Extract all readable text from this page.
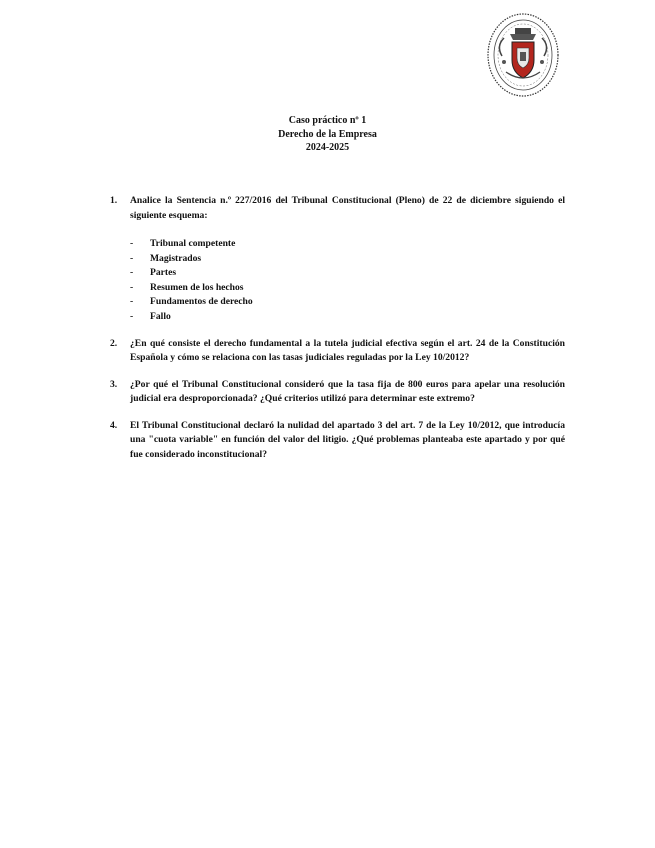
Caso práctico nº 1
Derecho de la Empresa
2024-2025
1. Analice la Sentencia n.º 227/2016 del Tribunal Constitucional (Pleno) de 22 de diciembre siguiendo el siguiente esquema:
- Tribunal competente
- Magistrados
- Partes
- Resumen de los hechos
- Fundamentos de derecho
- Fallo
2. ¿En qué consiste el derecho fundamental a la tutela judicial efectiva según el art. 24 de la Constitución Española y cómo se relaciona con las tasas judiciales reguladas por la Ley 10/2012?
3. ¿Por qué el Tribunal Constitucional consideró que la tasa fija de 800 euros para apelar una resolución judicial era desproporcionada? ¿Qué criterios utilizó para determinar este extremo?
4. El Tribunal Constitucional declaró la nulidad del apartado 3 del art. 7 de la Ley 10/2012, que introducía una "cuota variable" en función del valor del litigio. ¿Qué problemas planteaba este apartado y por qué fue considerado inconstitucional?
